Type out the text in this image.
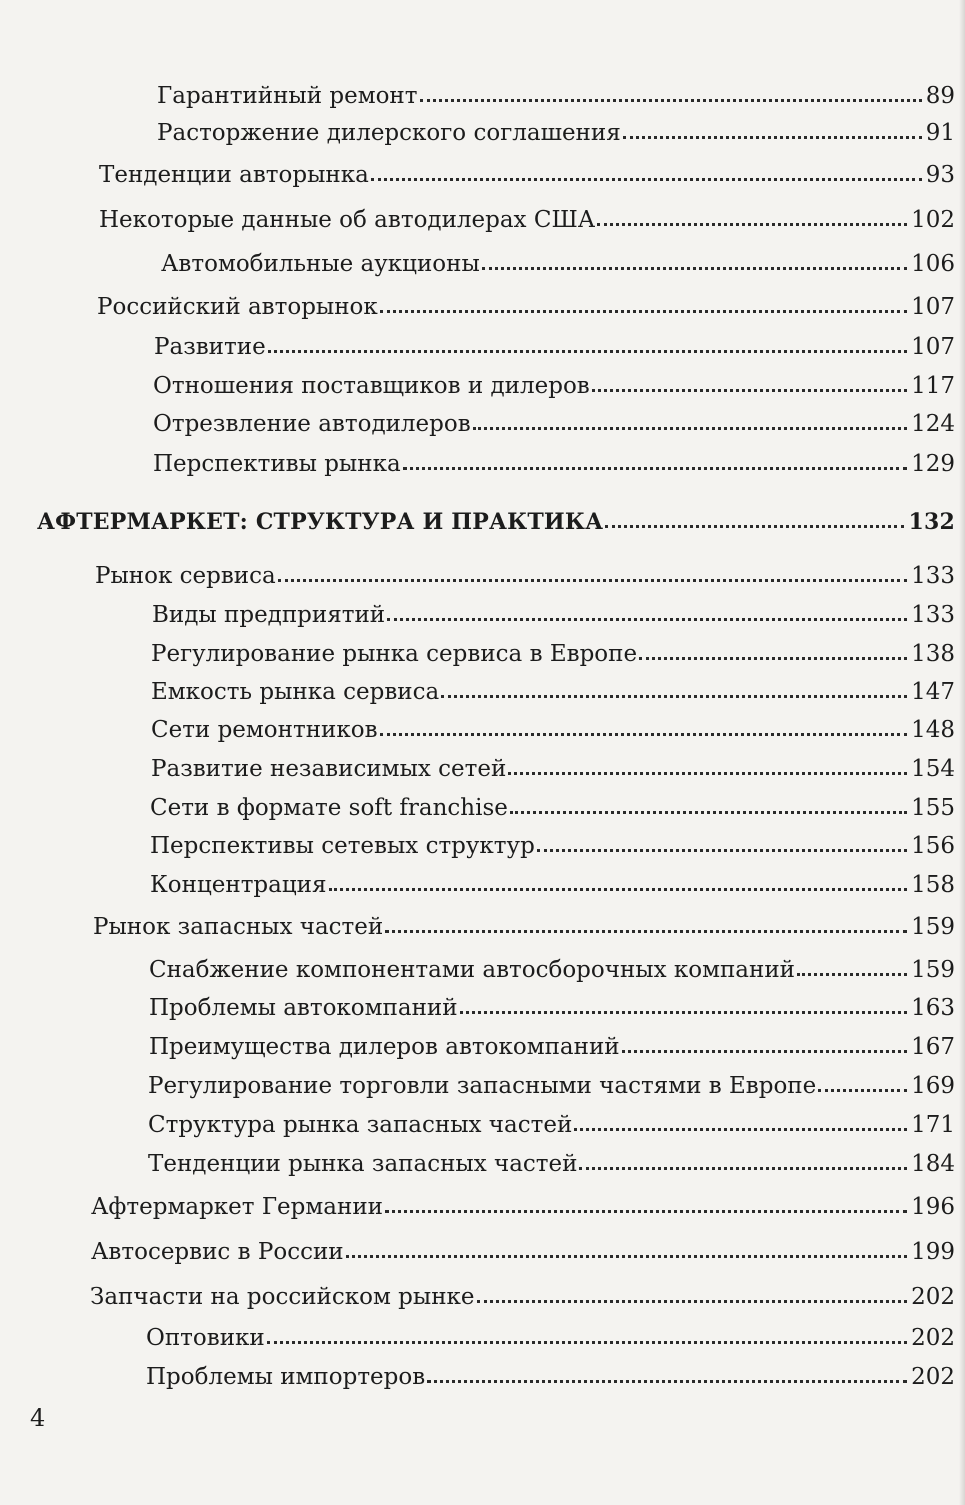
Гарантийный ремонт	89
Расторжение дилерского соглашения	91
Тенденции авторынка	93
Некоторые данные об автодилерах США	102
Автомобильные аукционы	106
Российский авторынок	107
Развитие	107
Отношения поставщиков и дилеров	117
Отрезвление автодилеров	124
Перспективы рынка	129
АФТЕРМАРКЕТ: СТРУКТУРА И ПРАКТИКА	132
Рынок сервиса	133
Виды предприятий	133
Регулирование рынка сервиса в Европе	138
Емкость рынка сервиса	147
Сети ремонтников	148
Развитие независимых сетей	154
Сети в формате soft franchise	155
Перспективы сетевых структур	156
Концентрация	158
Рынок запасных частей	159
Снабжение компонентами автосборочных компаний	159
Проблемы автокомпаний	163
Преимущества дилеров автокомпаний	167
Регулирование торговли запасными частями в Европе	169
Структура рынка запасных частей	171
Тенденции рынка запасных частей	184
Афтермаркет Германии	196
Автосервис в России	199
Запчасти на российском рынке	202
Оптовики	202
Проблемы импортеров	202
4
